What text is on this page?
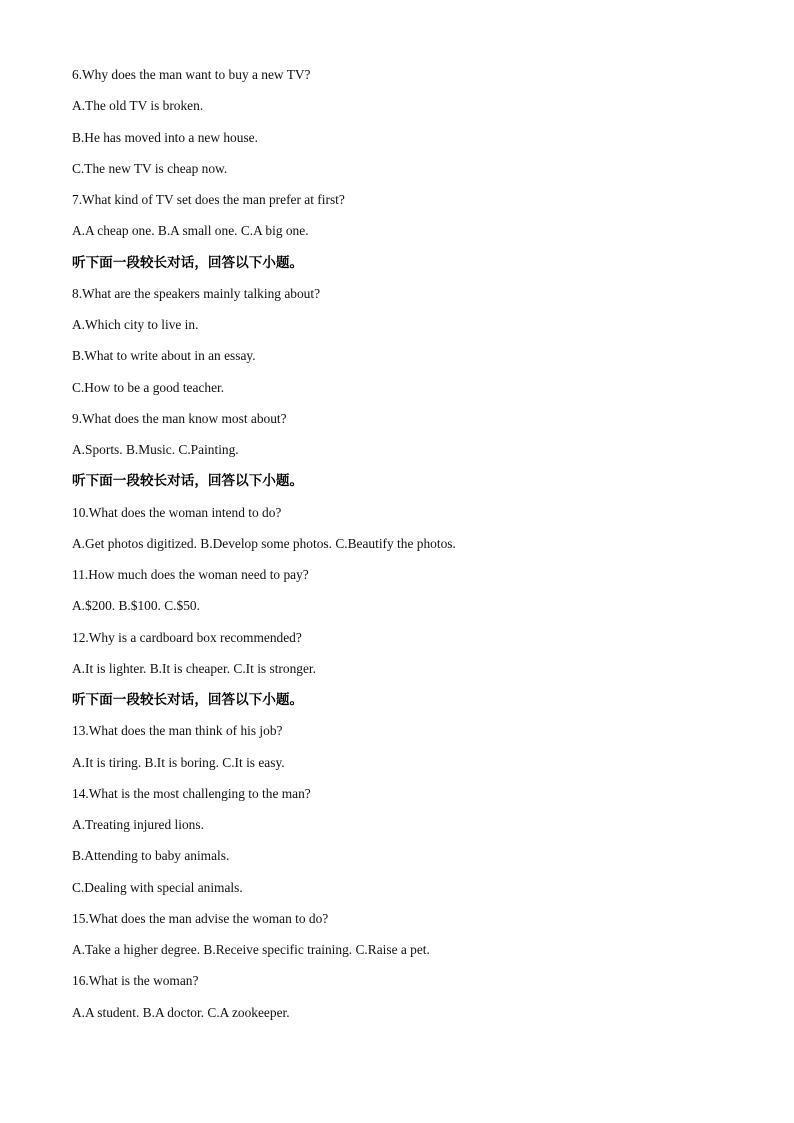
6.Why does the man want to buy a new TV?
A.The old TV is broken.
B.He has moved into a new house.
C.The new TV is cheap now.
7.What kind of TV set does the man prefer at first?
A.A cheap one. B.A small one. C.A big one.
听下面一段较长对话，回答以下小题。
8.What are the speakers mainly talking about?
A.Which city to live in.
B.What to write about in an essay.
C.How to be a good teacher.
9.What does the man know most about?
A.Sports. B.Music. C.Painting.
听下面一段较长对话，回答以下小题。
10.What does the woman intend to do?
A.Get photos digitized. B.Develop some photos. C.Beautify the photos.
11.How much does the woman need to pay?
A.$200. B.$100. C.$50.
12.Why is a cardboard box recommended?
A.It is lighter. B.It is cheaper. C.It is stronger.
听下面一段较长对话，回答以下小题。
13.What does the man think of his job?
A.It is tiring. B.It is boring. C.It is easy.
14.What is the most challenging to the man?
A.Treating injured lions.
B.Attending to baby animals.
C.Dealing with special animals.
15.What does the man advise the woman to do?
A.Take a higher degree. B.Receive specific training. C.Raise a pet.
16.What is the woman?
A.A student. B.A doctor. C.A zookeeper.
